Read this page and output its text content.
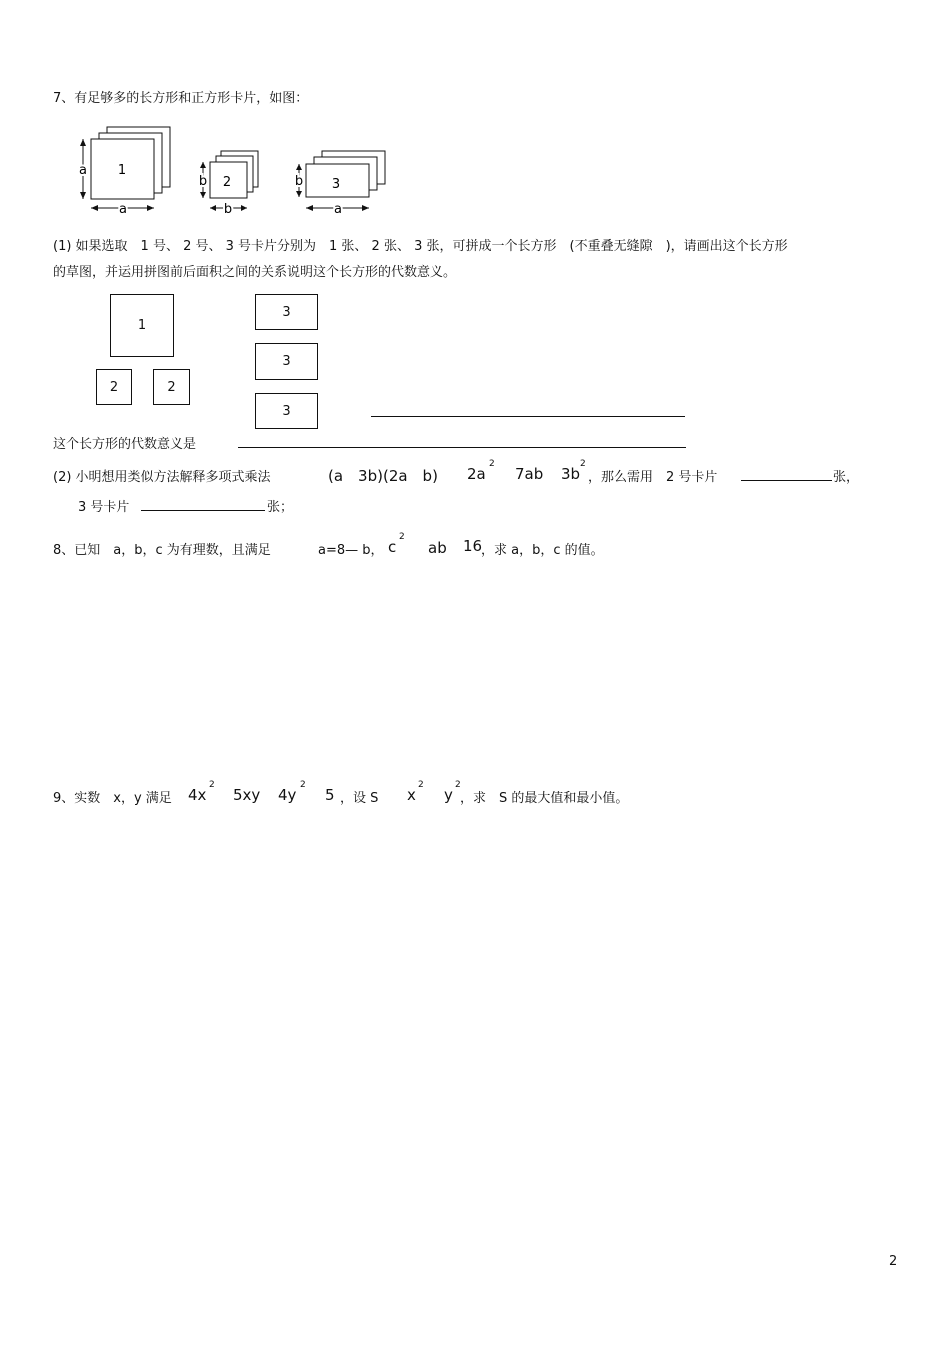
7、有足够多的长方形和正方形卡片，如图：
1
a
a
2
b
b
3
b
a
(1) 如果选取　1 号、 2 号、 3 号卡片分别为　1 张、 2 张、 3 张，可拼成一个长方形　(不重叠无缝隙　)，请画出这个长方形
的草图，并运用拼图前后面积之间的关系说明这个长方形的代数意义。
1
2	2
3
3
3
这个长方形的代数意义是
(2) 小明想用类似方法解释多项式乘法	(a　3b)(2a　b) 2a
2
7ab 3b
2
，那么需用　2 号卡片	张，
3 号卡片	张；
8、已知　a，b，c 为有理数，且满足	a=8— b， c
2
ab 16
，求 a，b，c 的值。
9、实数　x，y 满足 4x
2
5xy 4y
2
5 ，设 S x
2
y
2
，求　S 的最大值和最小值。
2
